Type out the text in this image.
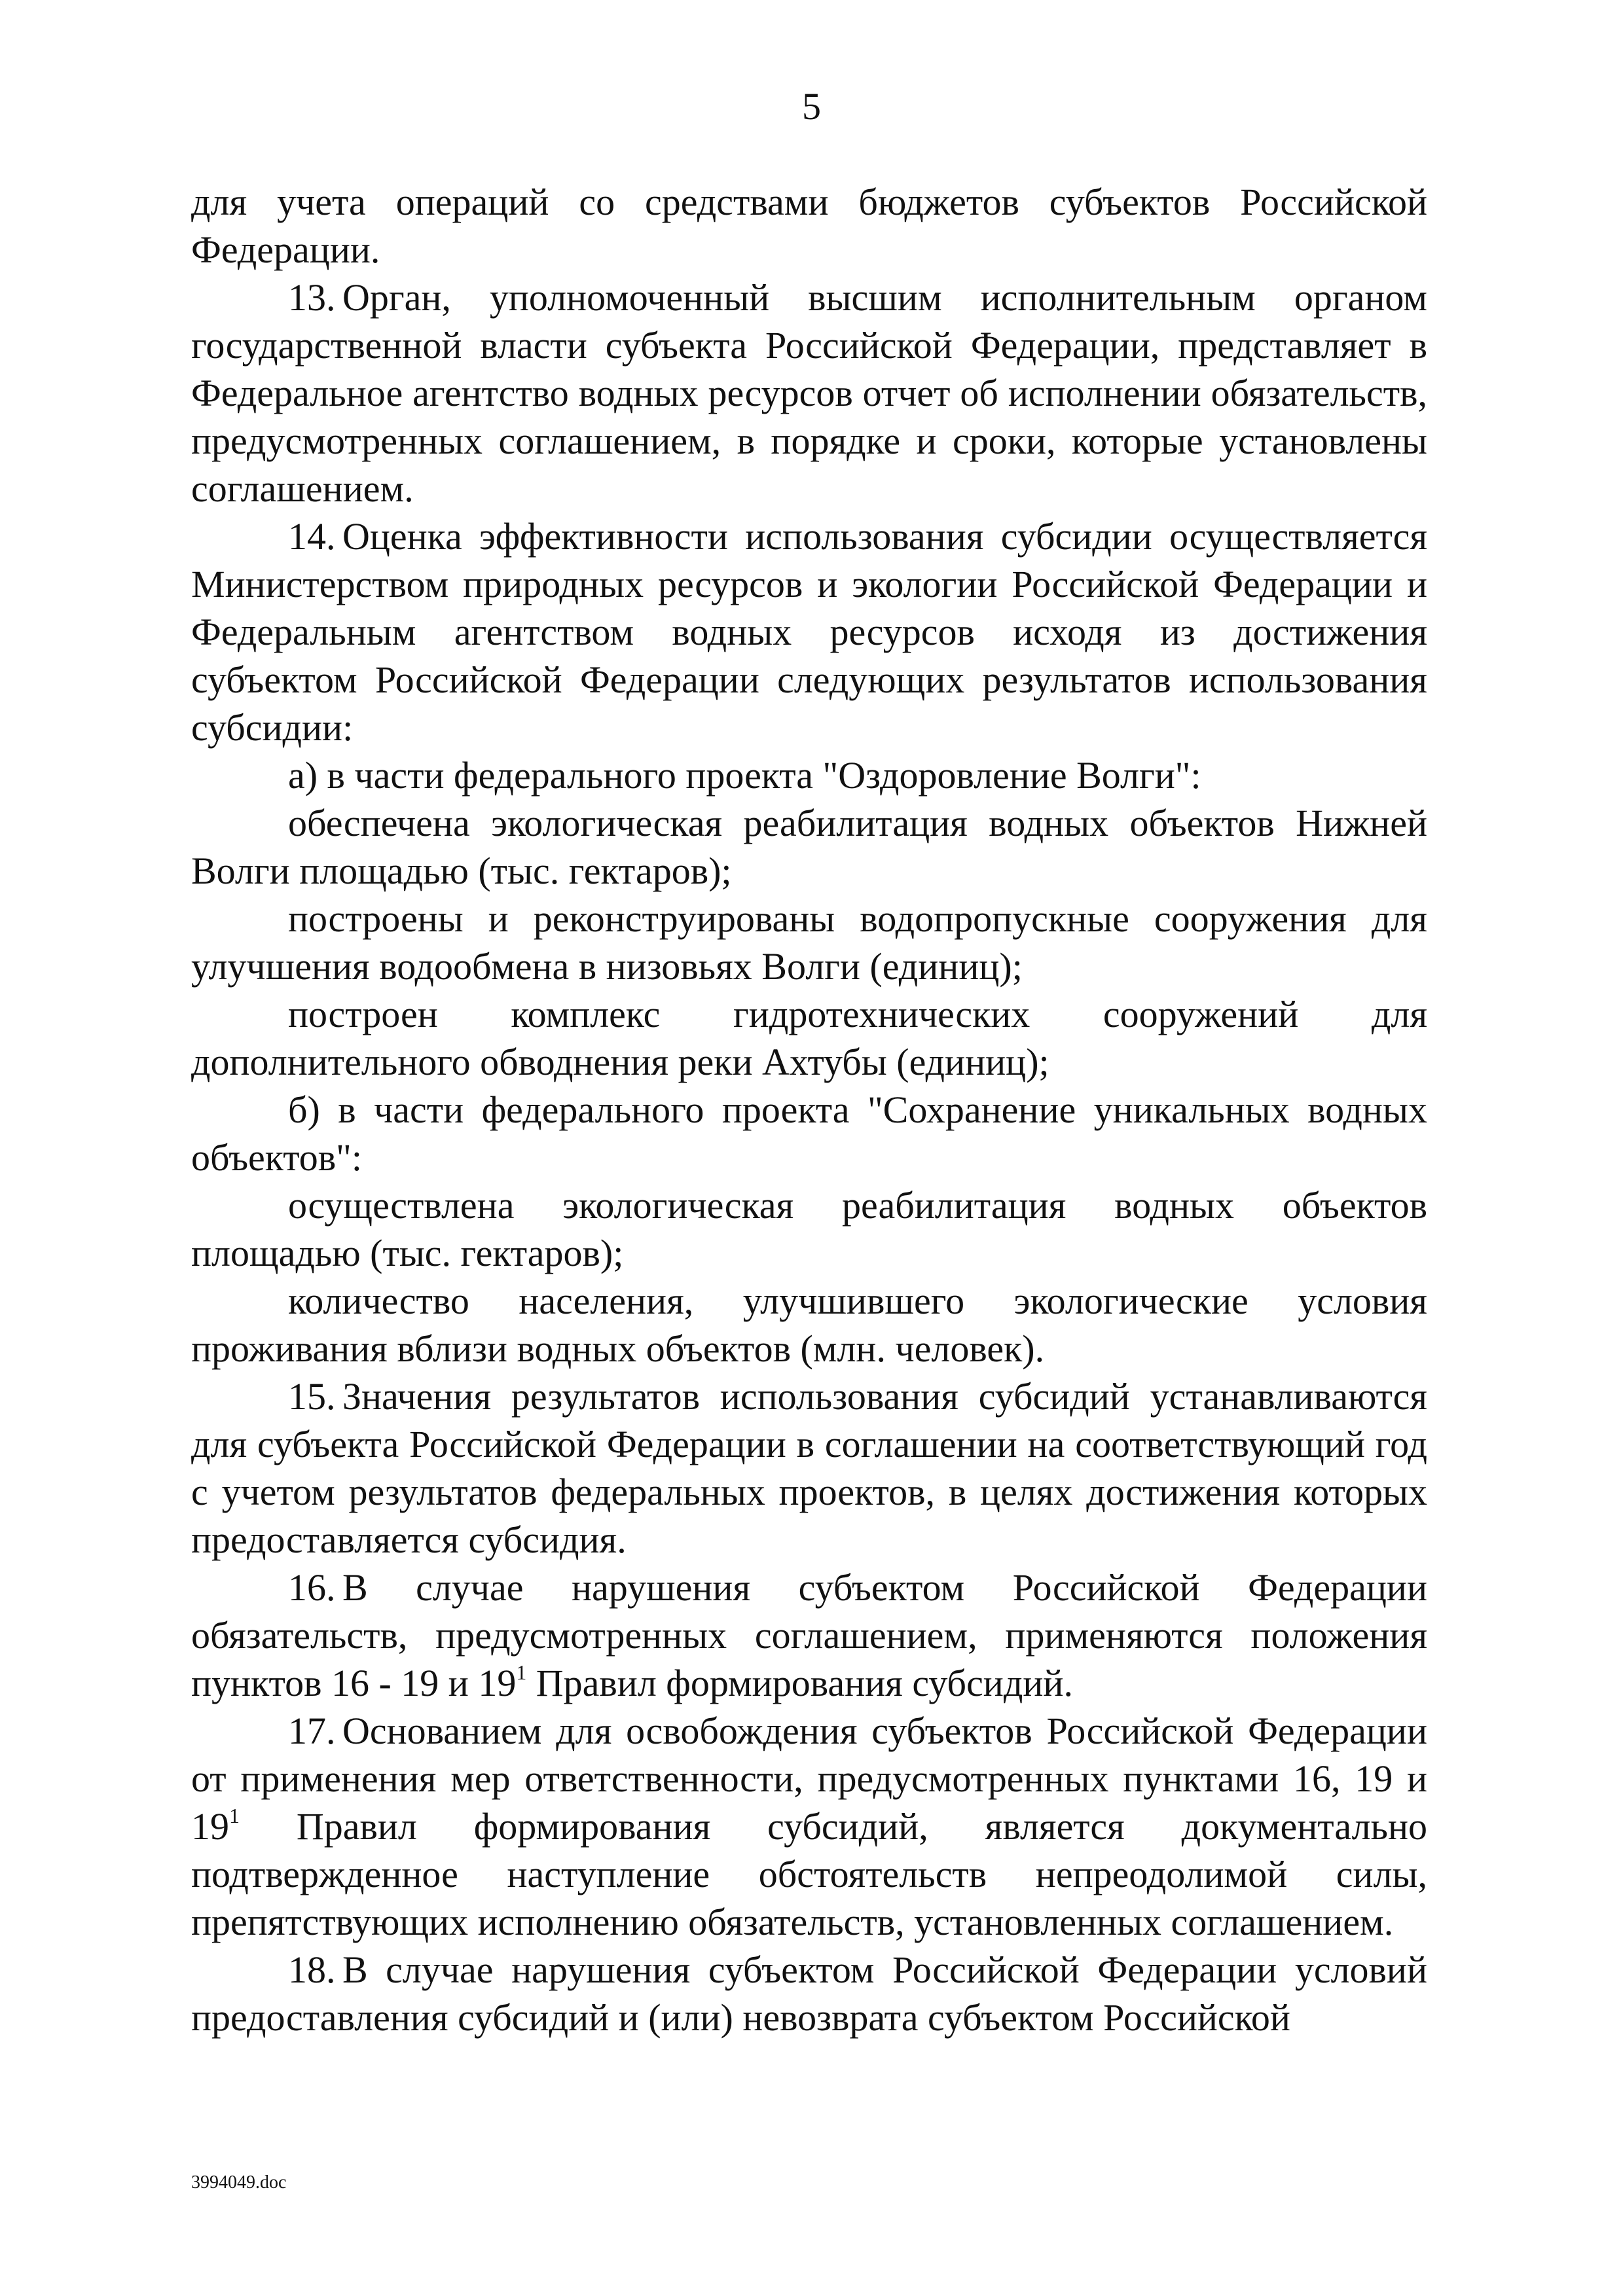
5

для учета операций со средствами бюджетов субъектов Российской Федерации.

13. Орган, уполномоченный высшим исполнительным органом государственной власти субъекта Российской Федерации, представляет в Федеральное агентство водных ресурсов отчет об исполнении обязательств, предусмотренных соглашением, в порядке и сроки, которые установлены соглашением.

14. Оценка эффективности использования субсидии осуществляется Министерством природных ресурсов и экологии Российской Федерации и Федеральным агентством водных ресурсов исходя из достижения субъектом Российской Федерации следующих результатов использования субсидии:

а) в части федерального проекта "Оздоровление Волги":

обеспечена экологическая реабилитация водных объектов Нижней Волги площадью (тыс. гектаров);

построены и реконструированы водопропускные сооружения для улучшения водообмена в низовьях Волги (единиц);

построен комплекс гидротехнических сооружений для дополнительного обводнения реки Ахтубы (единиц);

б) в части федерального проекта "Сохранение уникальных водных объектов":

осуществлена экологическая реабилитация водных объектов площадью (тыс. гектаров);

количество населения, улучшившего экологические условия проживания вблизи водных объектов (млн. человек).

15. Значения результатов использования субсидий устанавливаются для субъекта Российской Федерации в соглашении на соответствующий год с учетом результатов федеральных проектов, в целях достижения которых предоставляется субсидия.

16. В случае нарушения субъектом Российской Федерации обязательств, предусмотренных соглашением, применяются положения пунктов 16 - 19 и $19^1$ Правил формирования субсидий.

17. Основанием для освобождения субъектов Российской Федерации от применения мер ответственности, предусмотренных пунктами 16, 19 и $19^1$ Правил формирования субсидий, является документально подтвержденное наступление обстоятельств непреодолимой силы, препятствующих исполнению обязательств, установленных соглашением.

18. В случае нарушения субъектом Российской Федерации условий предоставления субсидий и (или) невозврата субъектом Российской

3994049.doc
